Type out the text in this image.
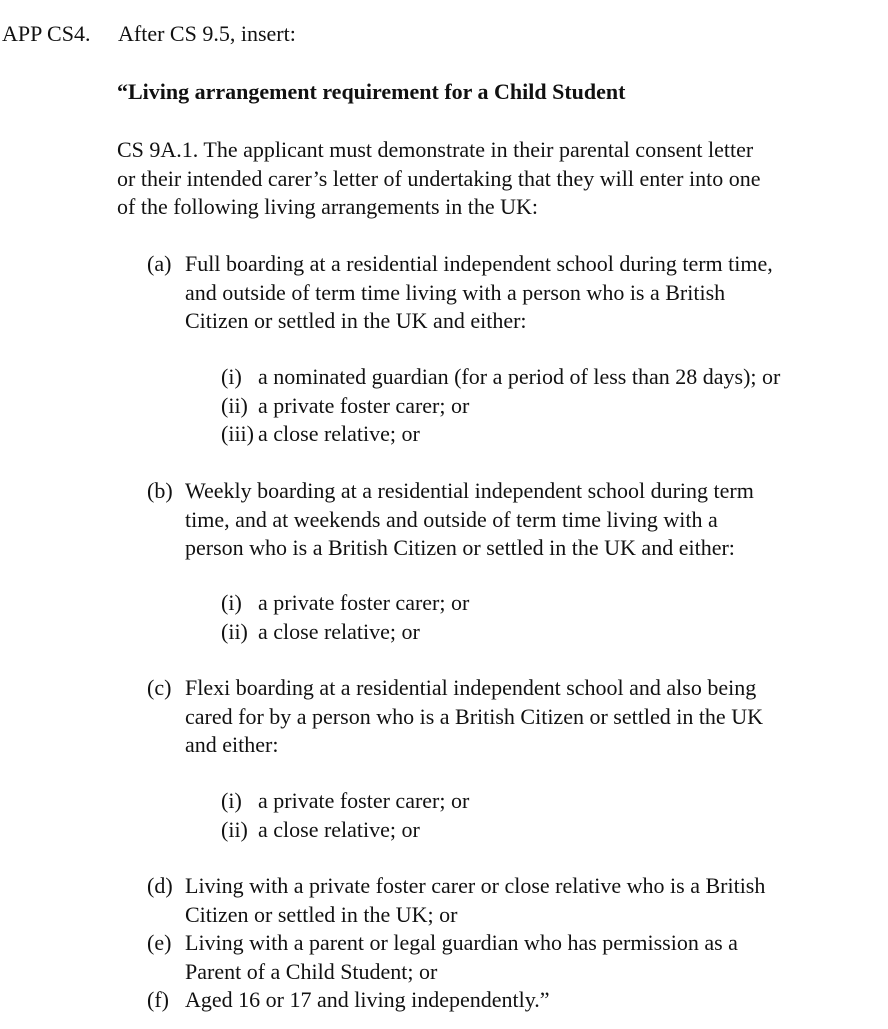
APP CS4. After CS 9.5, insert:
“Living arrangement requirement for a Child Student
CS 9A.1. The applicant must demonstrate in their parental consent letter
or their intended carer’s letter of undertaking that they will enter into one
of the following living arrangements in the UK:
(a) Full boarding at a residential independent school during term time,
and outside of term time living with a person who is a British
Citizen or settled in the UK and either:
(i) a nominated guardian (for a period of less than 28 days); or
(ii) a private foster carer; or
(iii) a close relative; or
(b) Weekly boarding at a residential independent school during term
time, and at weekends and outside of term time living with a
person who is a British Citizen or settled in the UK and either:
(i) a private foster carer; or
(ii) a close relative; or
(c) Flexi boarding at a residential independent school and also being
cared for by a person who is a British Citizen or settled in the UK
and either:
(i) a private foster carer; or
(ii) a close relative; or
(d) Living with a private foster carer or close relative who is a British
Citizen or settled in the UK; or
(e) Living with a parent or legal guardian who has permission as a
Parent of a Child Student; or
(f) Aged 16 or 17 and living independently.”
